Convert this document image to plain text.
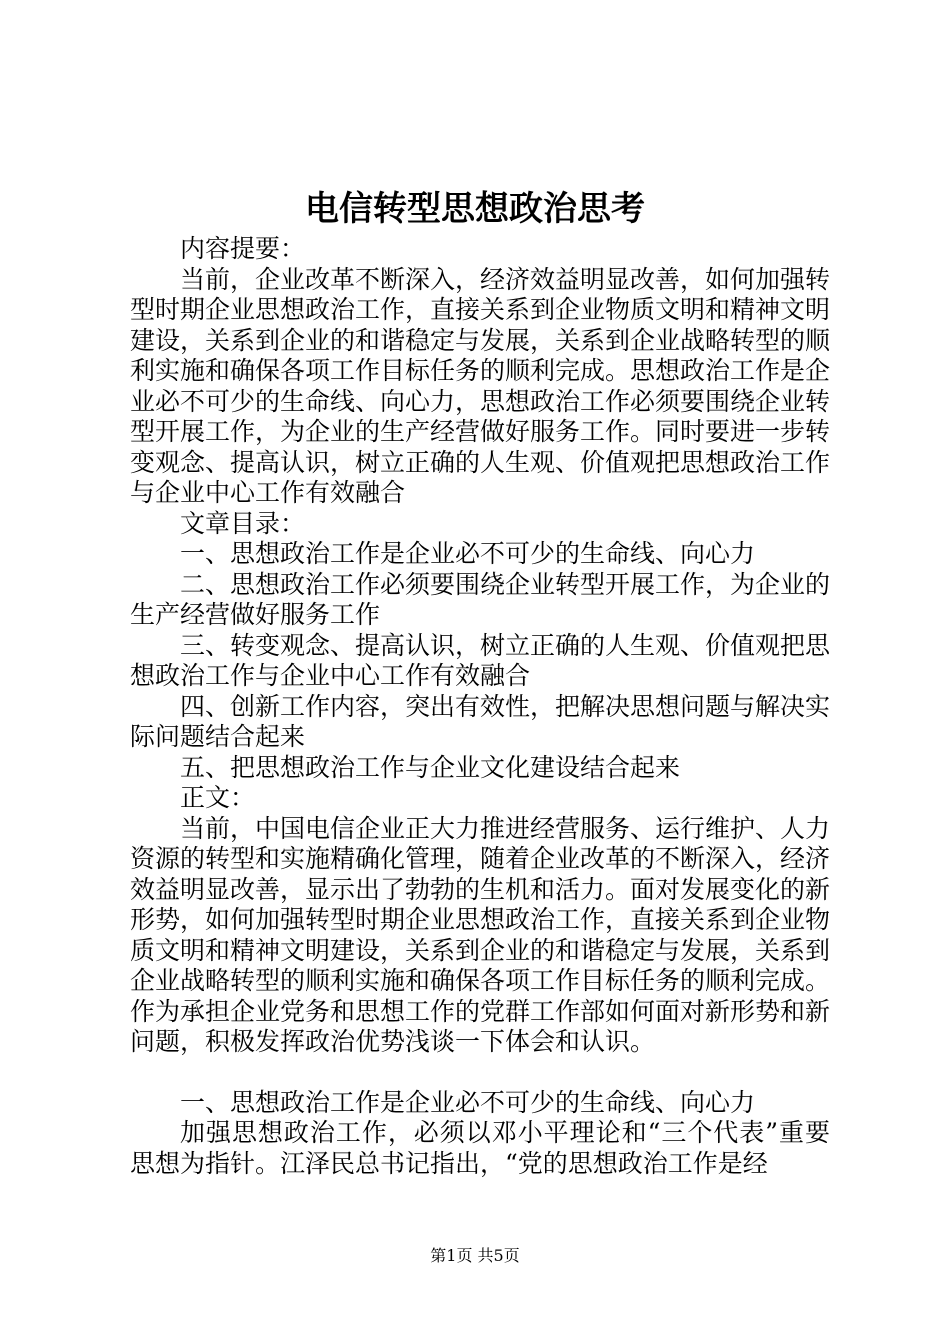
电信转型思想政治思考

内容提要：

当前，企业改革不断深入，经济效益明显改善，如何加强转型时期企业思想政治工作，直接关系到企业物质文明和精神文明建设，关系到企业的和谐稳定与发展，关系到企业战略转型的顺利实施和确保各项工作目标任务的顺利完成。思想政治工作是企业必不可少的生命线、向心力，思想政治工作必须要围绕企业转型开展工作，为企业的生产经营做好服务工作。同时要进一步转变观念、提高认识，树立正确的人生观、价值观把思想政治工作与企业中心工作有效融合

文章目录：

一、思想政治工作是企业必不可少的生命线、向心力

二、思想政治工作必须要围绕企业转型开展工作，为企业的生产经营做好服务工作

三、转变观念、提高认识，树立正确的人生观、价值观把思想政治工作与企业中心工作有效融合

四、创新工作内容，突出有效性，把解决思想问题与解决实际问题结合起来

五、把思想政治工作与企业文化建设结合起来

正文：

当前，中国电信企业正大力推进经营服务、运行维护、人力资源的转型和实施精确化管理，随着企业改革的不断深入，经济效益明显改善，显示出了勃勃的生机和活力。面对发展变化的新形势，如何加强转型时期企业思想政治工作，直接关系到企业物质文明和精神文明建设，关系到企业的和谐稳定与发展，关系到企业战略转型的顺利实施和确保各项工作目标任务的顺利完成。作为承担企业党务和思想工作的党群工作部如何面对新形势和新问题，积极发挥政治优势浅谈一下体会和认识。

一、思想政治工作是企业必不可少的生命线、向心力

加强思想政治工作，必须以邓小平理论和“三个代表”重要思想为指针。江泽民总书记指出，“党的思想政治工作是经

第1页 共5页
